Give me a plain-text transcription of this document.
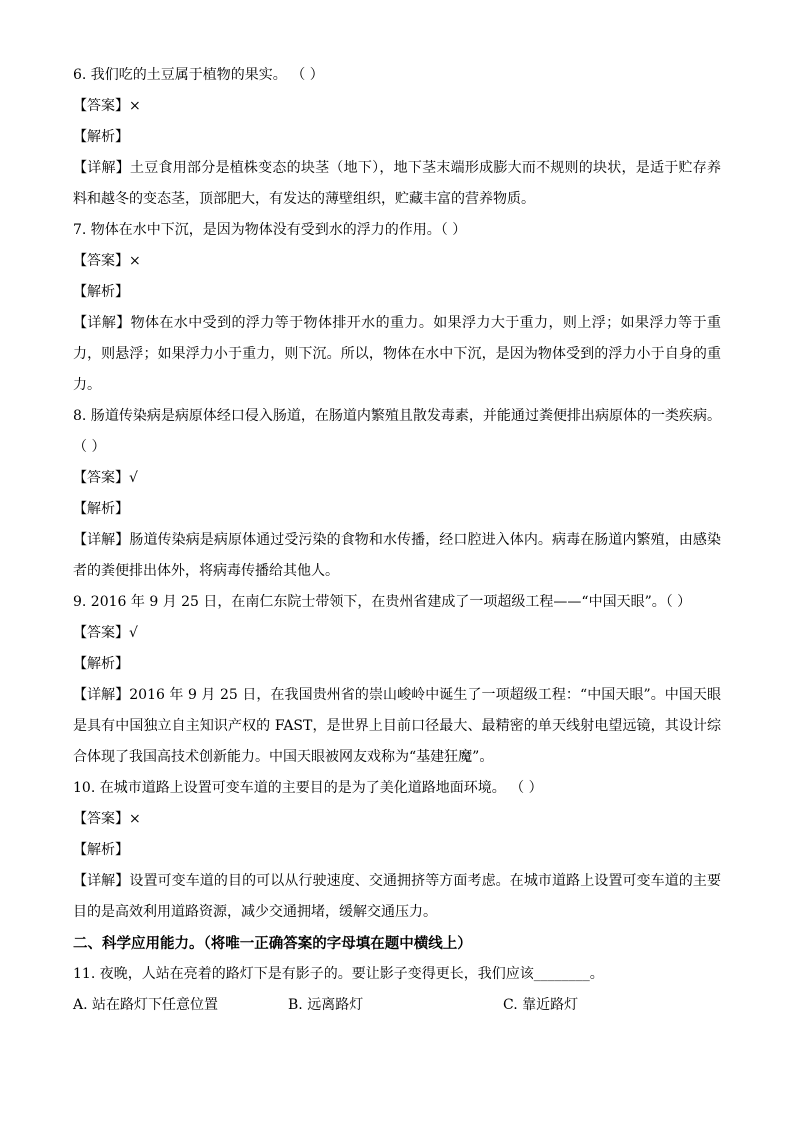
6. 我们吃的土豆属于植物的果实。 （ ）
【答案】×
【解析】
【详解】土豆食用部分是植株变态的块茎（地下），地下茎末端形成膨大而不规则的块状，是适于贮存养料和越冬的变态茎，顶部肥大，有发达的薄壁组织，贮藏丰富的营养物质。
7. 物体在水中下沉，是因为物体没有受到水的浮力的作用。（ ）
【答案】×
【解析】
【详解】物体在水中受到的浮力等于物体排开水的重力。如果浮力大于重力，则上浮；如果浮力等于重力，则悬浮；如果浮力小于重力，则下沉。所以，物体在水中下沉，是因为物体受到的浮力小于自身的重力。
8. 肠道传染病是病原体经口侵入肠道，在肠道内繁殖且散发毒素，并能通过粪便排出病原体的一类疾病。（ ）
【答案】√
【解析】
【详解】肠道传染病是病原体通过受污染的食物和水传播，经口腔进入体内。病毒在肠道内繁殖，由感染者的粪便排出体外，将病毒传播给其他人。
9. 2016 年 9 月 25 日，在南仁东院士带领下，在贵州省建成了一项超级工程——“中国天眼”。（ ）
【答案】√
【解析】
【详解】2016 年 9 月 25 日，在我国贵州省的崇山峻岭中诞生了一项超级工程：“中国天眼”。中国天眼是具有中国独立自主知识产权的 FAST，是世界上目前口径最大、最精密的单天线射电望远镜，其设计综合体现了我国高技术创新能力。中国天眼被网友戏称为“基建狂魔”。
10. 在城市道路上设置可变车道的主要目的是为了美化道路地面环境。 （ ）
【答案】×
【解析】
【详解】设置可变车道的目的可以从行驶速度、交通拥挤等方面考虑。在城市道路上设置可变车道的主要目的是高效利用道路资源，减少交通拥堵，缓解交通压力。
二、科学应用能力。（将唯一正确答案的字母填在题中横线上）
11. 夜晚，人站在亮着的路灯下是有影子的。要让影子变得更长，我们应该________。
A. 站在路灯下任意位置	B. 远离路灯	C. 靠近路灯
